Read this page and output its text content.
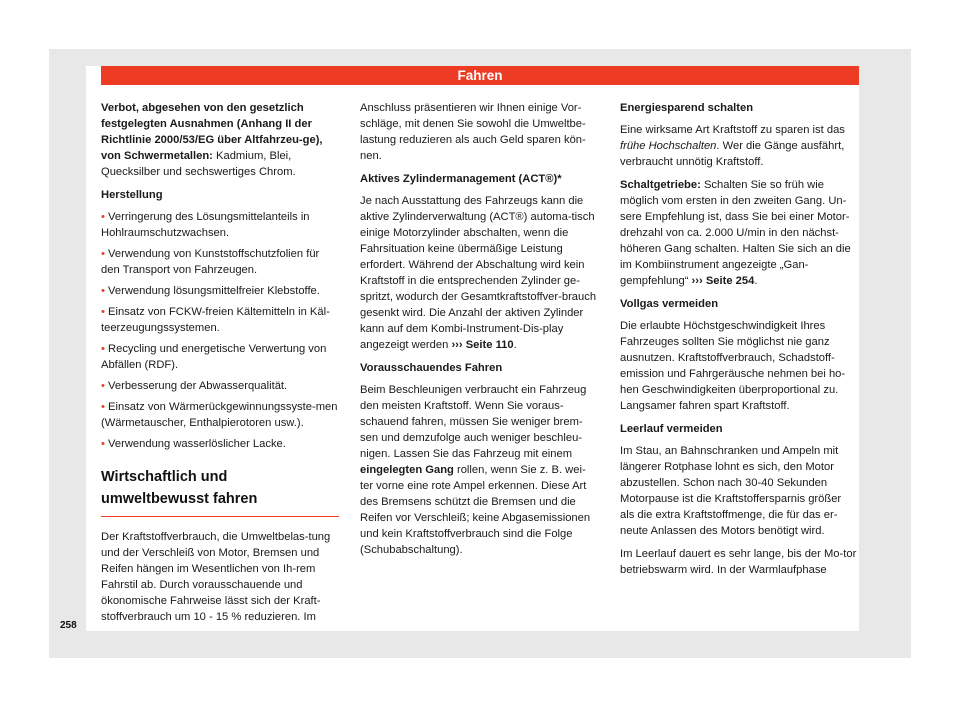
Fahren

Verbot, abgesehen von den gesetzlich festgelegten Ausnahmen (Anhang II der Richtlinie 2000/53/EG über Altfahrzeu-ge), von Schwermetallen: Kadmium, Blei, Quecksilber und sechswertiges Chrom.

Herstellung

• Verringerung des Lösungsmittelanteils in Hohlraumschutzwachsen.

• Verwendung von Kunststoffschutzfolien für den Transport von Fahrzeugen.

• Verwendung lösungsmittelfreier Klebstoffe.

• Einsatz von FCKW-freien Kältemitteln in Käl-teerzeugungssystemen.

• Recycling und energetische Verwertung von Abfällen (RDF).

• Verbesserung der Abwasserqualität.

• Einsatz von Wärmerückgewinnungssyste-men (Wärmetauscher, Enthalpierotoren usw.).

• Verwendung wasserlöslicher Lacke.

Wirtschaftlich und umweltbewusst fahren

Der Kraftstoffverbrauch, die Umweltbelas-tung und der Verschleiß von Motor, Bremsen und Reifen hängen im Wesentlichen von Ih-rem Fahrstil ab. Durch vorausschauende und ökonomische Fahrweise lässt sich der Kraft-stoffverbrauch um 10 - 15 % reduzieren. Im

Anschluss präsentieren wir Ihnen einige Vor-schläge, mit denen Sie sowohl die Umweltbe-lastung reduzieren als auch Geld sparen kön-nen.

Aktives Zylindermanagement (ACT®)*

Je nach Ausstattung des Fahrzeugs kann die aktive Zylinderverwaltung (ACT®) automa-tisch einige Motorzylinder abschalten, wenn die Fahrsituation keine übermäßige Leistung erfordert. Während der Abschaltung wird kein Kraftstoff in die entsprechenden Zylinder ge-spritzt, wodurch der Gesamtkraftstoffver-brauch gesenkt wird. Die Anzahl der aktiven Zylinder kann auf dem Kombi-Instrument-Dis-play angezeigt werden ››› Seite 110.

Vorausschauendes Fahren

Beim Beschleunigen verbraucht ein Fahrzeug den meisten Kraftstoff. Wenn Sie voraus-schauend fahren, müssen Sie weniger brem-sen und demzufolge auch weniger beschleu-nigen. Lassen Sie das Fahrzeug mit einem eingelegten Gang rollen, wenn Sie z. B. wei-ter vorne eine rote Ampel erkennen. Diese Art des Bremsens schützt die Bremsen und die Reifen vor Verschleiß; keine Abgasemissionen und kein Kraftstoffverbrauch sind die Folge (Schubabschaltung).

Energiesparend schalten

Eine wirksame Art Kraftstoff zu sparen ist das frühe Hochschalten. Wer die Gänge ausfährt, verbraucht unnötig Kraftstoff.

Schaltgetriebe: Schalten Sie so früh wie möglich vom ersten in den zweiten Gang. Un-sere Empfehlung ist, dass Sie bei einer Motor-drehzahl von ca. 2.000 U/min in den nächst-höheren Gang schalten. Halten Sie sich an die im Kombiinstrument angezeigte „Gan-gempfehlung“ ››› Seite 254.

Vollgas vermeiden

Die erlaubte Höchstgeschwindigkeit Ihres Fahrzeuges sollten Sie möglichst nie ganz ausnutzen. Kraftstoffverbrauch, Schadstoff-emission und Fahrgeräusche nehmen bei ho-hen Geschwindigkeiten überproportional zu. Langsamer fahren spart Kraftstoff.

Leerlauf vermeiden

Im Stau, an Bahnschranken und Ampeln mit längerer Rotphase lohnt es sich, den Motor abzustellen. Schon nach 30-40 Sekunden Motorpause ist die Kraftstoffersparnis größer als die extra Kraftstoffmenge, die für das er-neute Anlassen des Motors benötigt wird.

Im Leerlauf dauert es sehr lange, bis der Mo-tor betriebswarm wird. In der Warmlaufphase

258
